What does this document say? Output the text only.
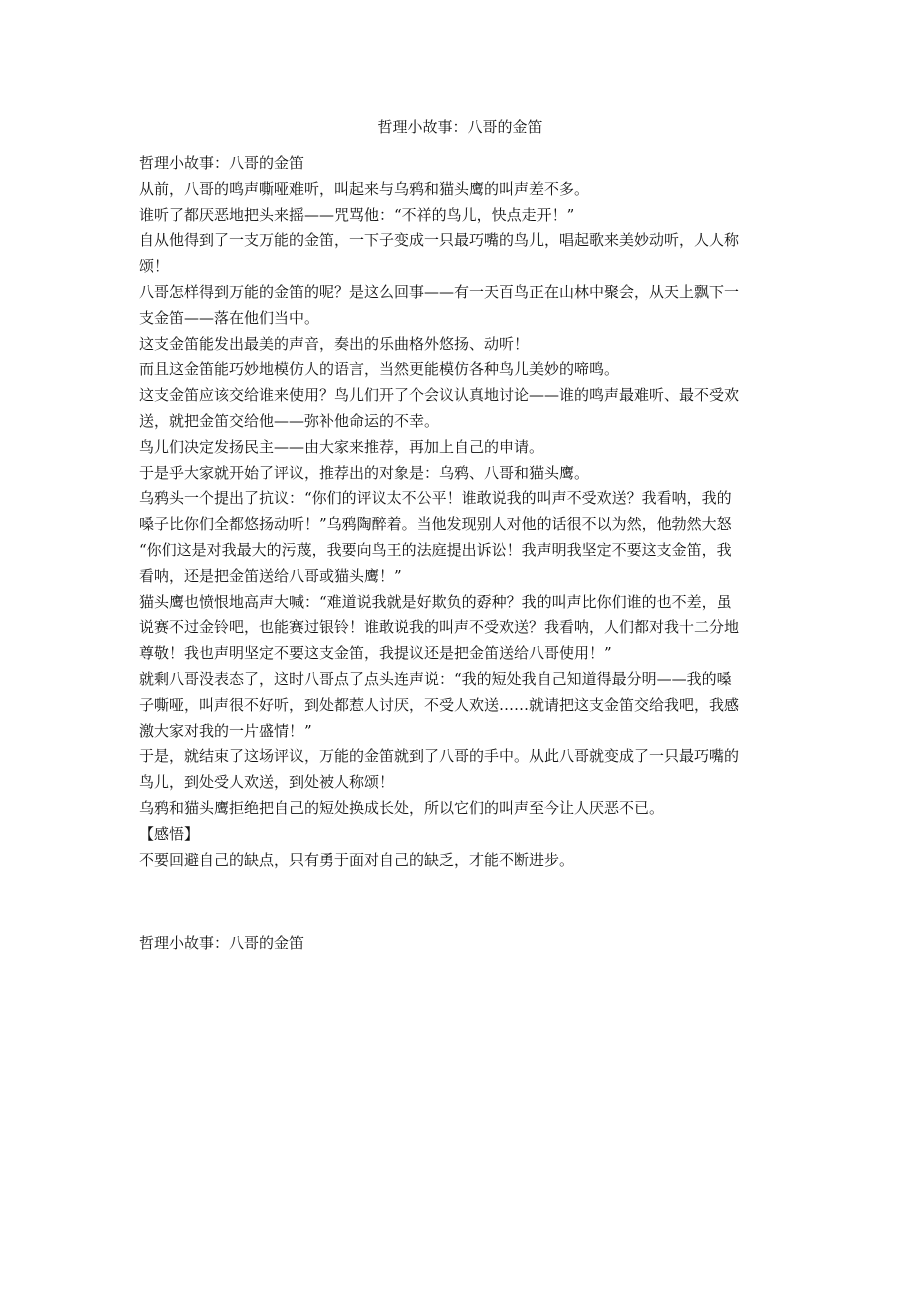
哲理小故事：八哥的金笛
哲理小故事：八哥的金笛
从前，八哥的鸣声嘶哑难听，叫起来与乌鸦和猫头鹰的叫声差不多。
谁听了都厌恶地把头来摇——咒骂他：“不祥的鸟儿，快点走开！”
自从他得到了一支万能的金笛，一下子变成一只最巧嘴的鸟儿，唱起歌来美妙动听，人人称
颂！
八哥怎样得到万能的金笛的呢？是这么回事——有一天百鸟正在山林中聚会，从天上飘下一
支金笛——落在他们当中。
这支金笛能发出最美的声音，奏出的乐曲格外悠扬、动听！
而且这金笛能巧妙地模仿人的语言，当然更能模仿各种鸟儿美妙的啼鸣。
这支金笛应该交给谁来使用？鸟儿们开了个会议认真地讨论——谁的鸣声最难听、最不受欢
送，就把金笛交给他——弥补他命运的不幸。
鸟儿们决定发扬民主——由大家来推荐，再加上自己的申请。
于是乎大家就开始了评议，推荐出的对象是：乌鸦、八哥和猫头鹰。
乌鸦头一个提出了抗议：“你们的评议太不公平！谁敢说我的叫声不受欢送？我看呐，我的
嗓子比你们全都悠扬动听！”乌鸦陶醉着。当他发现别人对他的话很不以为然，他勃然大怒
“你们这是对我最大的污蔑，我要向鸟王的法庭提出诉讼！我声明我坚定不要这支金笛，我
看呐，还是把金笛送给八哥或猫头鹰！”
猫头鹰也愤恨地高声大喊：“难道说我就是好欺负的孬种？我的叫声比你们谁的也不差，虽
说赛不过金铃吧，也能赛过银铃！谁敢说我的叫声不受欢送？我看呐，人们都对我十二分地
尊敬！我也声明坚定不要这支金笛，我提议还是把金笛送给八哥使用！”
就剩八哥没表态了，这时八哥点了点头连声说：“我的短处我自己知道得最分明——我的嗓
子嘶哑，叫声很不好听，到处都惹人讨厌，不受人欢送……就请把这支金笛交给我吧，我感
激大家对我的一片盛情！”
于是，就结束了这场评议，万能的金笛就到了八哥的手中。从此八哥就变成了一只最巧嘴的
鸟儿，到处受人欢送，到处被人称颂！
乌鸦和猫头鹰拒绝把自己的短处换成长处，所以它们的叫声至今让人厌恶不已。
【感悟】
不要回避自己的缺点，只有勇于面对自己的缺乏，才能不断进步。
哲理小故事：八哥的金笛
